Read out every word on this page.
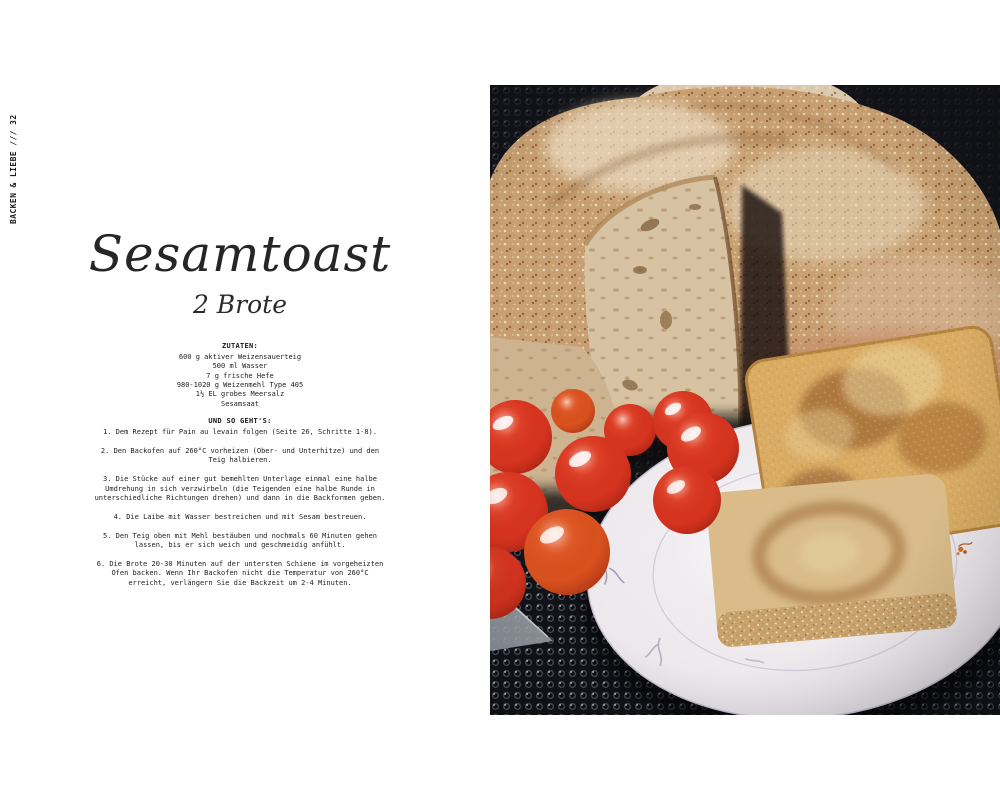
BACKEN & LIEBE /// 32
Sesamtoast
2 Brote
ZUTATEN:
600 g aktiver Weizensauerteig
500 ml Wasser
7 g frische Hefe
980-1020 g Weizenmehl Type 405
1½ EL grobes Meersalz
Sesamsaat
UND SO GEHT'S:

1. Dem Rezept für Pain au levain folgen (Seite 26, Schritte 1-8).

2. Den Backofen auf 260°C vorheizen (Ober- und Unterhitze) und den Teig halbieren.

3. Die Stücke auf einer gut bemehlten Unterlage einmal eine halbe Umdrehung in sich verzwirbeln (die Teigenden eine halbe Runde in unterschiedliche Richtungen drehen) und dann in die Backformen geben.

4. Die Laibe mit Wasser bestreichen und mit Sesam bestreuen.

5. Den Teig oben mit Mehl bestäuben und nochmals 60 Minuten gehen lassen, bis er sich weich und geschmeidig anfühlt.

6. Die Brote 20-30 Minuten auf der untersten Schiene im vorgeheizten Ofen backen. Wenn Ihr Backofen nicht die Temperatur von 260°C erreicht, verlängern Sie die Backzeit um 2-4 Minuten.
